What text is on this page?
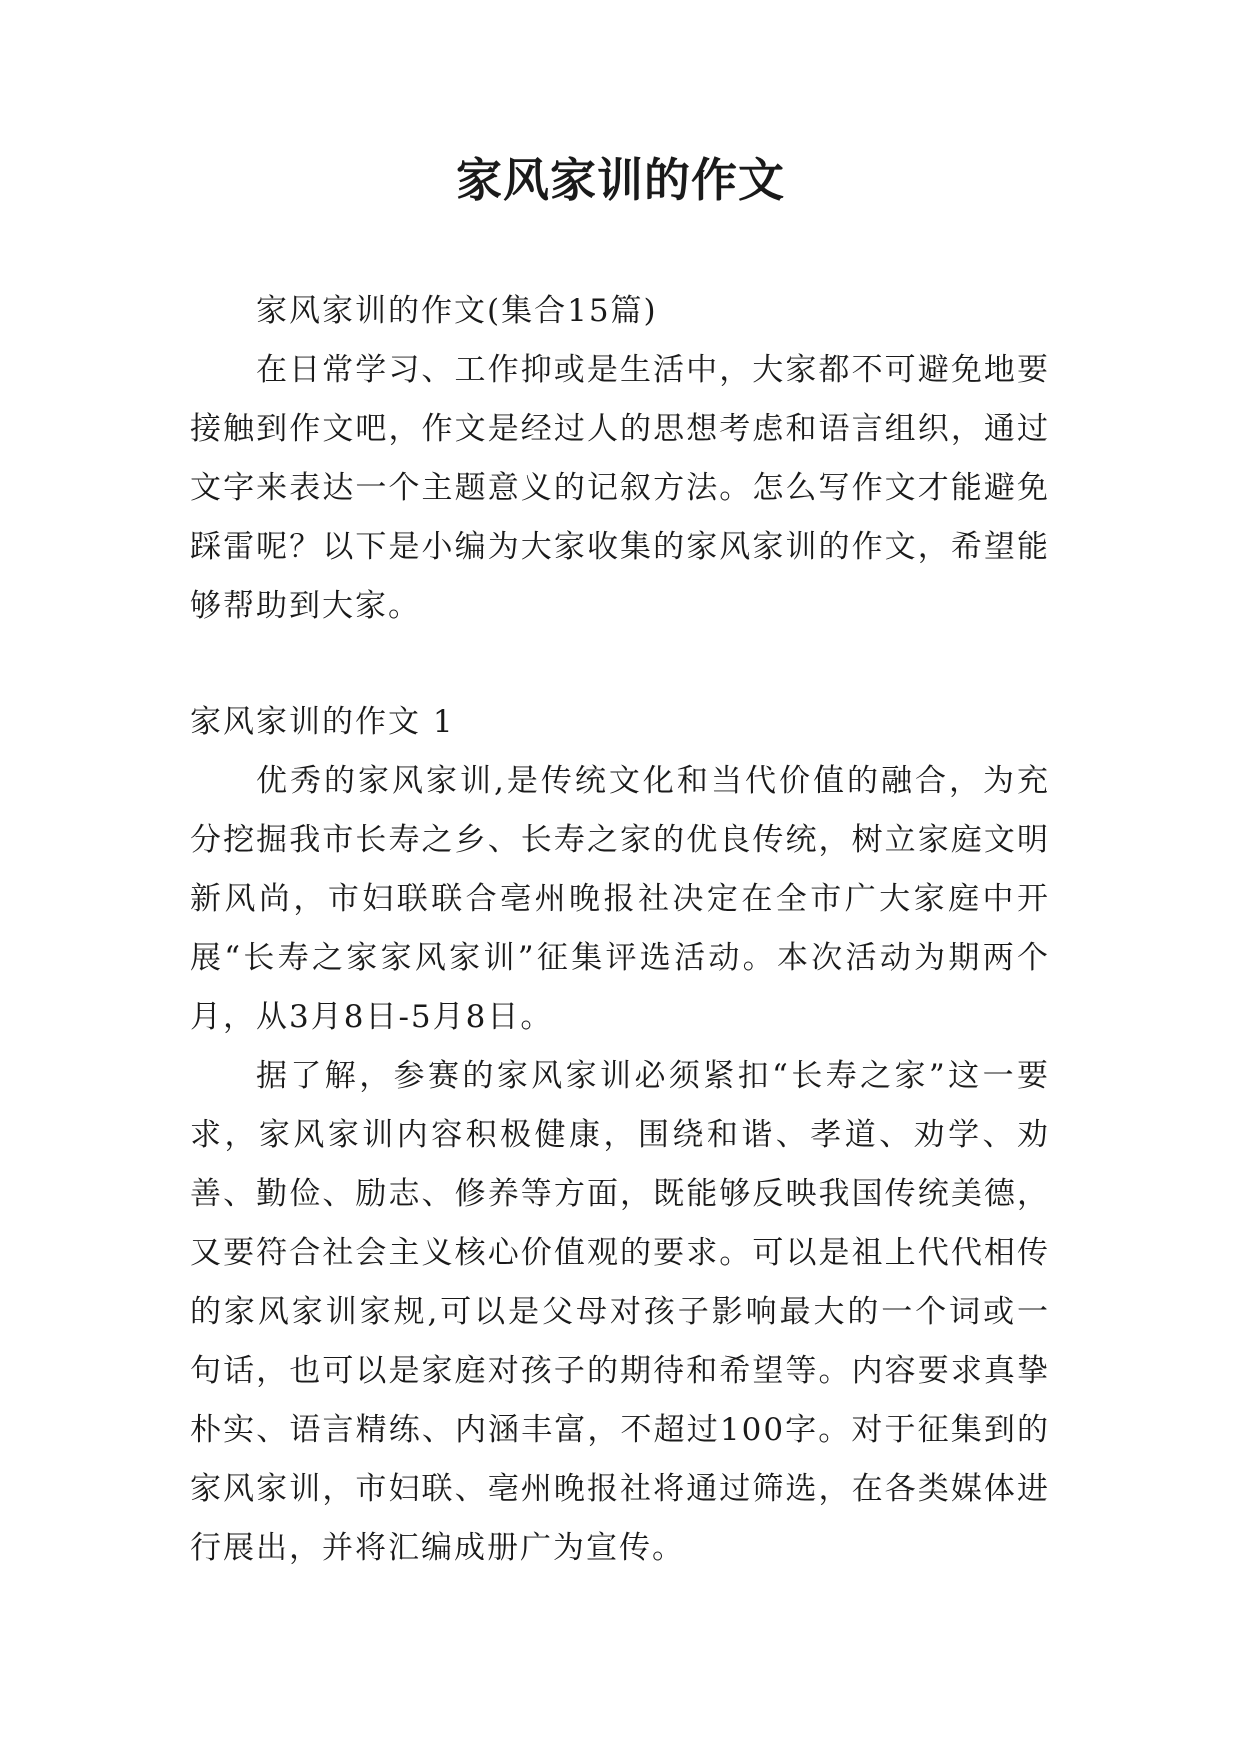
家风家训的作文

家风家训的作文(集合15篇)

在日常学习、工作抑或是生活中，大家都不可避免地要接触到作文吧，作文是经过人的思想考虑和语言组织，通过文字来表达一个主题意义的记叙方法。怎么写作文才能避免踩雷呢？以下是小编为大家收集的家风家训的作文，希望能够帮助到大家。

家风家训的作文 1

优秀的家风家训,是传统文化和当代价值的融合，为充分挖掘我市长寿之乡、长寿之家的优良传统，树立家庭文明新风尚，市妇联联合亳州晚报社决定在全市广大家庭中开展“长寿之家家风家训”征集评选活动。本次活动为期两个月，从3月8日-5月8日。

据了解，参赛的家风家训必须紧扣“长寿之家”这一要求，家风家训内容积极健康，围绕和谐、孝道、劝学、劝善、勤俭、励志、修养等方面，既能够反映我国传统美德，又要符合社会主义核心价值观的要求。可以是祖上代代相传的家风家训家规,可以是父母对孩子影响最大的一个词或一句话，也可以是家庭对孩子的期待和希望等。内容要求真挚朴实、语言精练、内涵丰富，不超过100字。对于征集到的家风家训，市妇联、亳州晚报社将通过筛选，在各类媒体进行展出，并将汇编成册广为宣传。
